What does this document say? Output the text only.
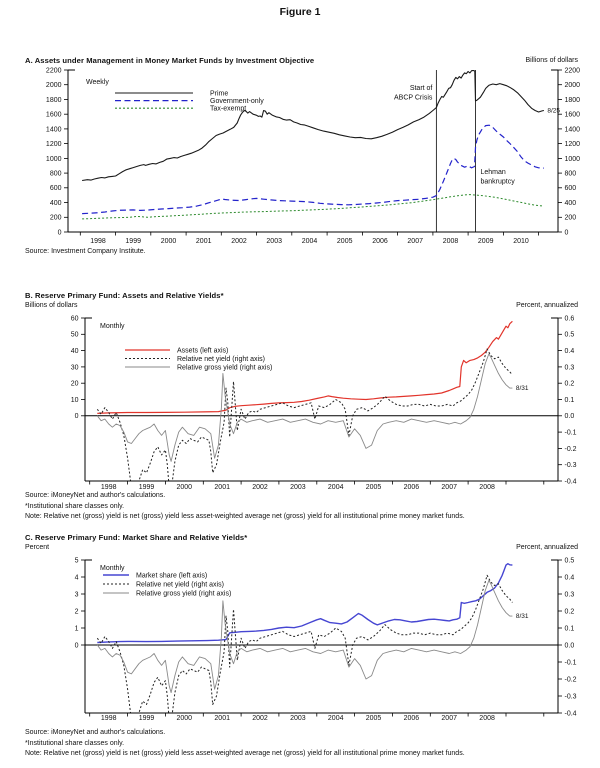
Figure 1
A. Assets under Management in Money Market Funds by Investment Objective	Billions of dollars
Start of
ABCP Crisis
Lehman
bankruptcy
1998	1999	2000	2001	2002	2003	2004	2005	2006	2007	2008	2009	2010
0
200
400
600
800
1000
1200
1400
1600
1800
2000
2200
0
200
400
600
800
1000
1200
1400
1600
1800
2000
2200
Weekly
Prime
Government-only
Tax-exempt	8/25
Source: Investment Company Institute.
B. Reserve Primary Fund: Assets and Relative Yields*
Billions of dollars	Percent, annualized
1998	1999	2000	2001	2002	2003	2004	2005	2006	2007	2008
0
10
20
30
40
50
60	0.6
0.5
0.4
0.3
0.2
0.1
0.0
-0.1
-0.2
-0.3
-0.4
Monthly
Assets (left axis)
Relative net yield (right axis)
Relative gross yield (right axis)
8/31
Source: iMoneyNet and author's calculations.
*Institutional share classes only.
Note: Relative net (gross) yield is net (gross) yield less asset-weighted average net (gross) yield for all institutional prime money market funds.
C. Reserve Primary Fund: Market Share and Relative Yields*
Percent	Percent, annualized
1998	1999	2000	2001	2002	2003	2004	2005	2006	2007	2008
0
1
2
3
4
5	0.5
0.4
0.3
0.2
0.1
0.0
-0.1
-0.2
-0.3
-0.4
Monthly
Market share (left axis)
Relative net yield (right axis)
Relative gross yield (right axis)
8/31
Source: iMoneyNet and author's calculations.
*Institutional share classes only.
Note: Relative net (gross) yield is net (gross) yield less asset-weighted average net (gross) yield for all institutional prime money market funds.
